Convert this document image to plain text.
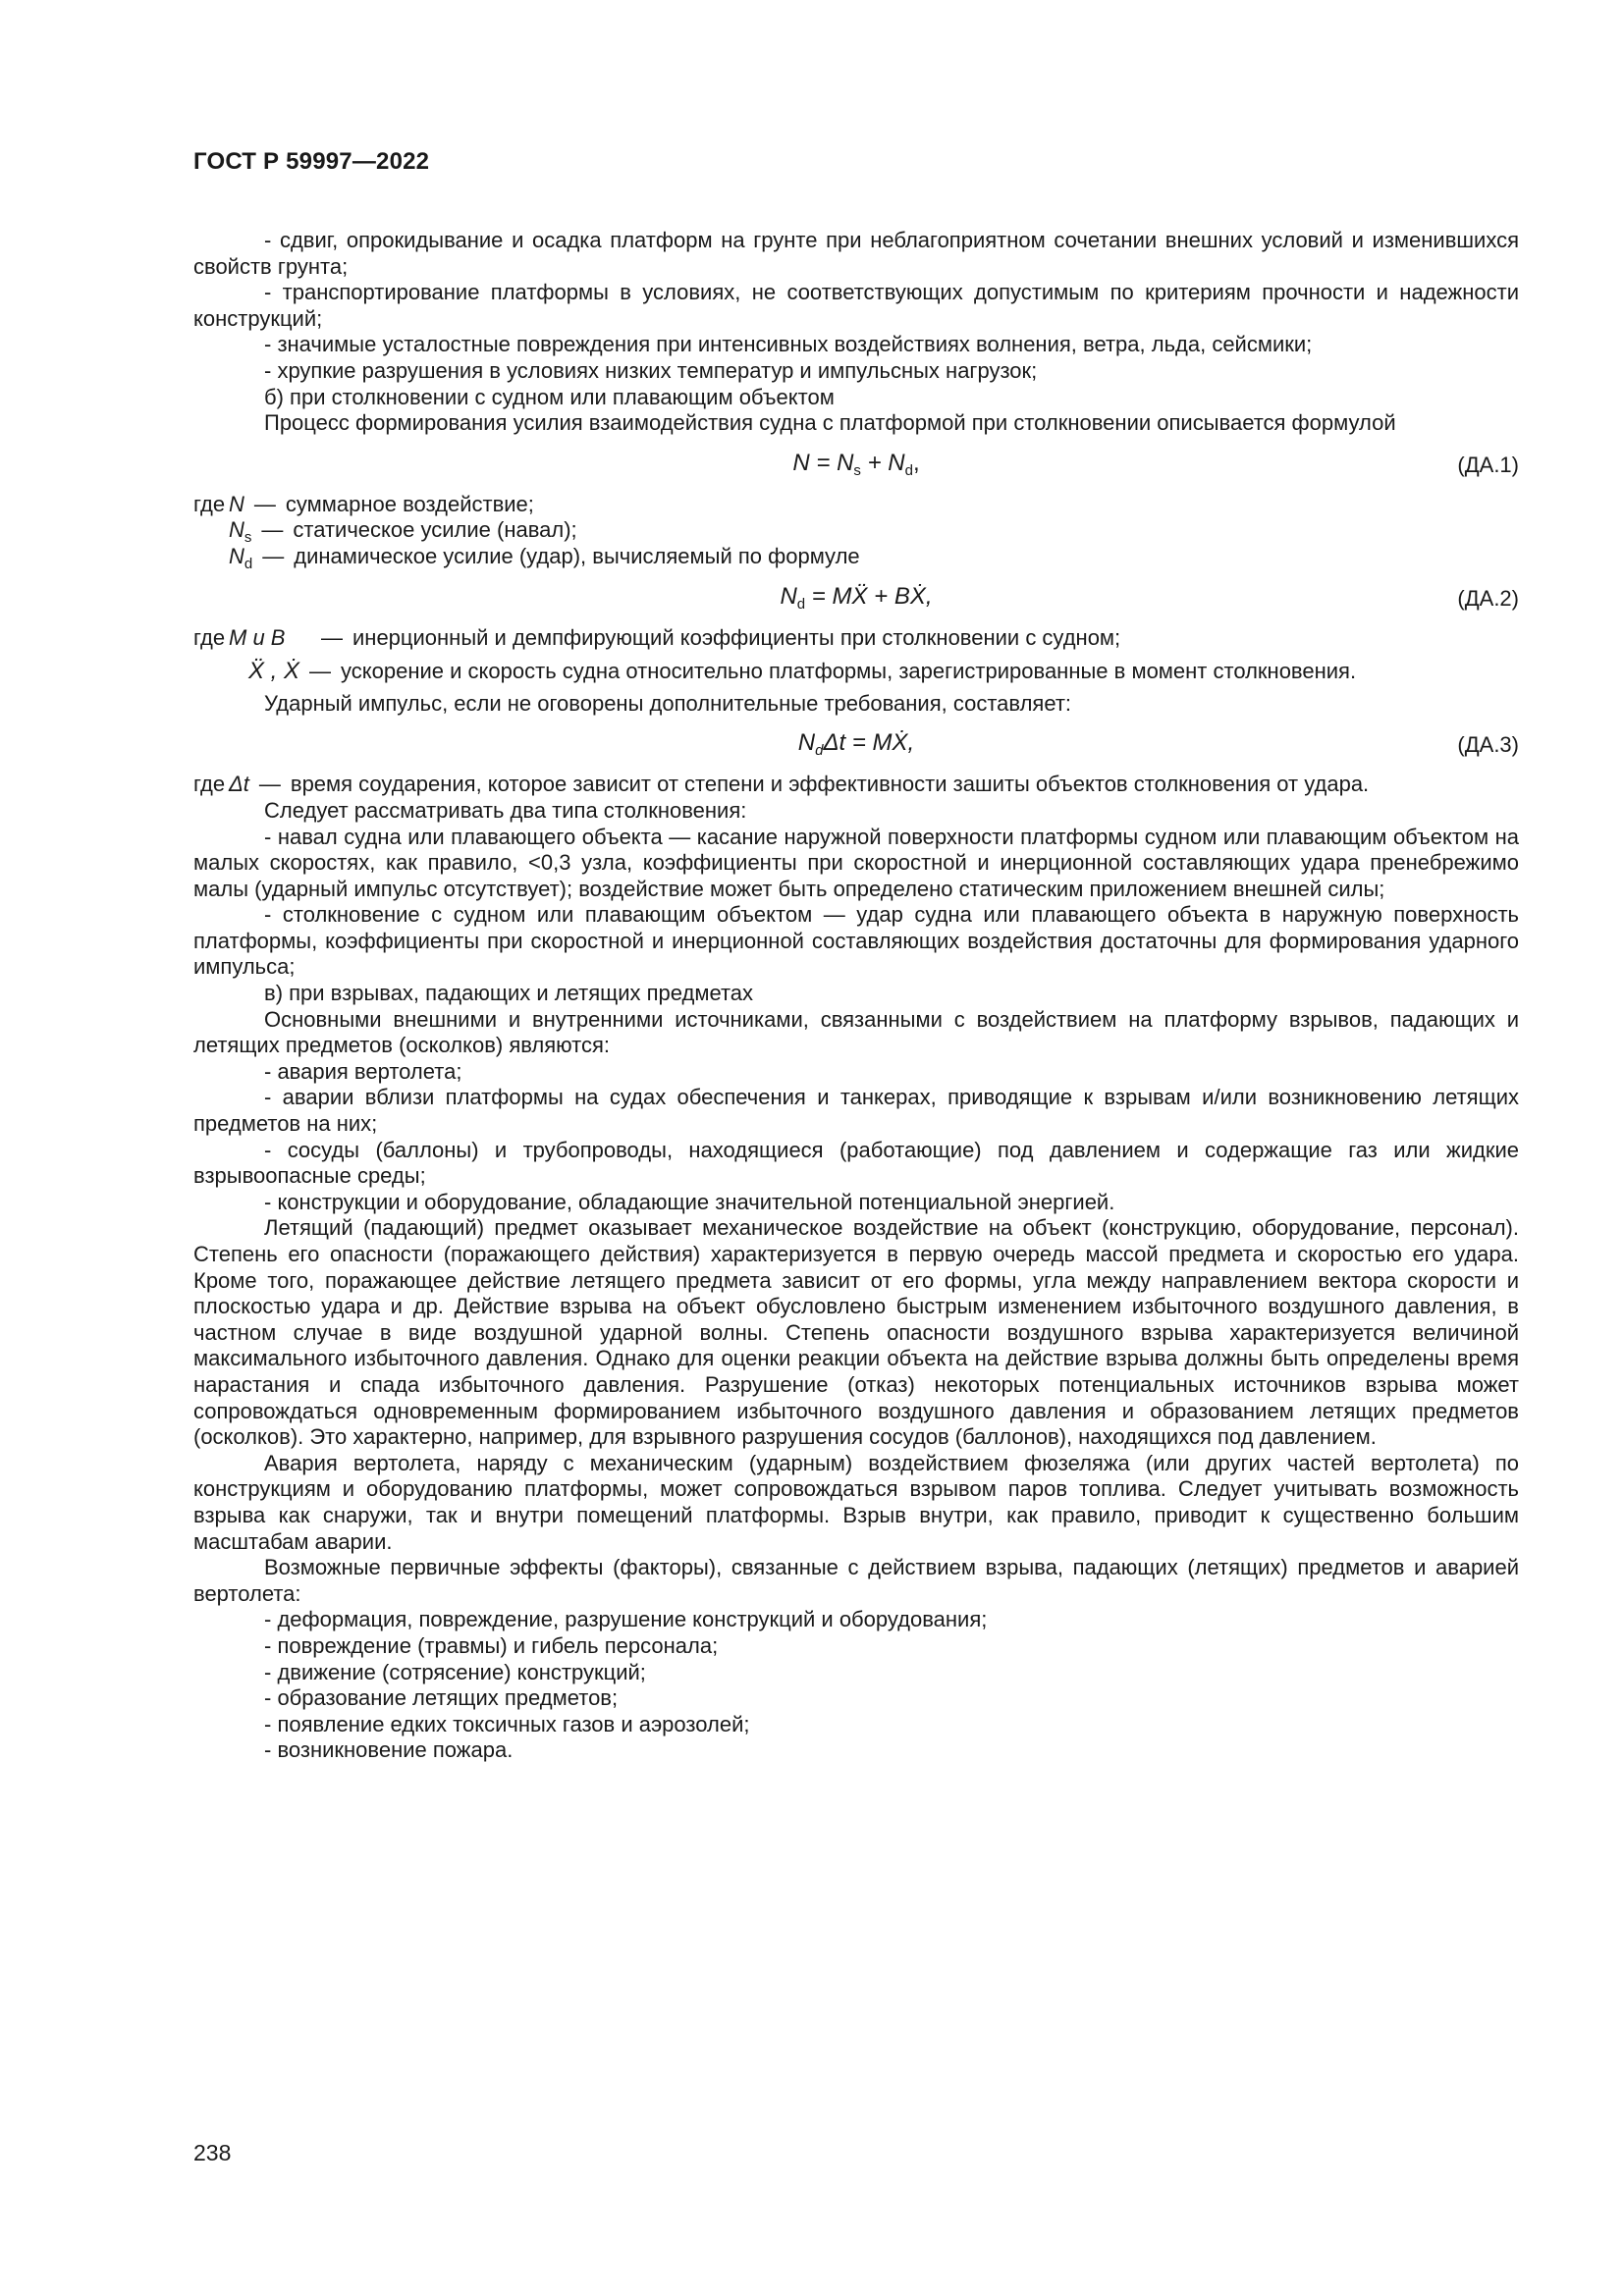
ГОСТ Р 59997—2022

- сдвиг, опрокидывание и осадка платформ на грунте при неблагоприятном сочетании внешних условий и изменившихся свойств грунта;

- транспортирование платформы в условиях, не соответствующих допустимым по критериям прочности и надежности конструкций;

- значимые усталостные повреждения при интенсивных воздействиях волнения, ветра, льда, сейсмики;

- хрупкие разрушения в условиях низких температур и импульсных нагрузок;

б) при столкновении с судном или плавающим объектом

Процесс формирования усилия взаимодействия судна с платформой при столкновении описывается формулой

$N = N_s + N_d$,	(ДА.1)
где N — суммарное воздействие;
$N_s$ — статическое усилие (навал);
$N_d$ — динамическое усилие (удар), вычисляемый по формуле
$N_d$ = MẌ + BẊ,	(ДА.2)
где M и B	— инерционный и демпфирующий коэффициенты при столкновении с судном;
Ẍ , Ẋ — ускорение и скорость судна относительно платформы, зарегистрированные в момент столкновения.

Ударный импульс, если не оговорены дополнительные требования, составляет:

$N_d\Delta t$ = MẊ,	(ДА.3)
где Δt — время соударения, которое зависит от степени и эффективности зашиты объектов столкновения от удара.

Следует рассматривать два типа столкновения:

- навал судна или плавающего объекта — касание наружной поверхности платформы судном или плавающим объектом на малых скоростях, как правило, <0,3 узла, коэффициенты при скоростной и инерционной составляющих удара пренебрежимо малы (ударный импульс отсутствует); воздействие может быть определено статическим приложением внешней силы;

- столкновение с судном или плавающим объектом — удар судна или плавающего объекта в наружную поверхность платформы, коэффициенты при скоростной и инерционной составляющих воздействия достаточны для формирования ударного импульса;

в) при взрывах, падающих и летящих предметах

Основными внешними и внутренними источниками, связанными с воздействием на платформу взрывов, падающих и летящих предметов (осколков) являются:

- авария вертолета;

- аварии вблизи платформы на судах обеспечения и танкерах, приводящие к взрывам и/или возникновению летящих предметов на них;

- сосуды (баллоны) и трубопроводы, находящиеся (работающие) под давлением и содержащие газ или жидкие взрывоопасные среды;

- конструкции и оборудование, обладающие значительной потенциальной энергией.

Летящий (падающий) предмет оказывает механическое воздействие на объект (конструкцию, оборудование, персонал). Степень его опасности (поражающего действия) характеризуется в первую очередь массой предмета и скоростью его удара. Кроме того, поражающее действие летящего предмета зависит от его формы, угла между направлением вектора скорости и плоскостью удара и др. Действие взрыва на объект обусловлено быстрым изменением избыточного воздушного давления, в частном случае в виде воздушной ударной волны. Степень опасности воздушного взрыва характеризуется величиной максимального избыточного давления. Однако для оценки реакции объекта на действие взрыва должны быть определены время нарастания и спада избыточного давления. Разрушение (отказ) некоторых потенциальных источников взрыва может сопровождаться одновременным формированием избыточного воздушного давления и образованием летящих предметов (осколков). Это характерно, например, для взрывного разрушения сосудов (баллонов), находящихся под давлением.

Авария вертолета, наряду с механическим (ударным) воздействием фюзеляжа (или других частей вертолета) по конструкциям и оборудованию платформы, может сопровождаться взрывом паров топлива. Следует учитывать возможность взрыва как снаружи, так и внутри помещений платформы. Взрыв внутри, как правило, приводит к существенно большим масштабам аварии.

Возможные первичные эффекты (факторы), связанные с действием взрыва, падающих (летящих) предметов и аварией вертолета:

- деформация, повреждение, разрушение конструкций и оборудования;

- повреждение (травмы) и гибель персонала;

- движение (сотрясение) конструкций;

- образование летящих предметов;

- появление едких токсичных газов и аэрозолей;

- возникновение пожара.

238
